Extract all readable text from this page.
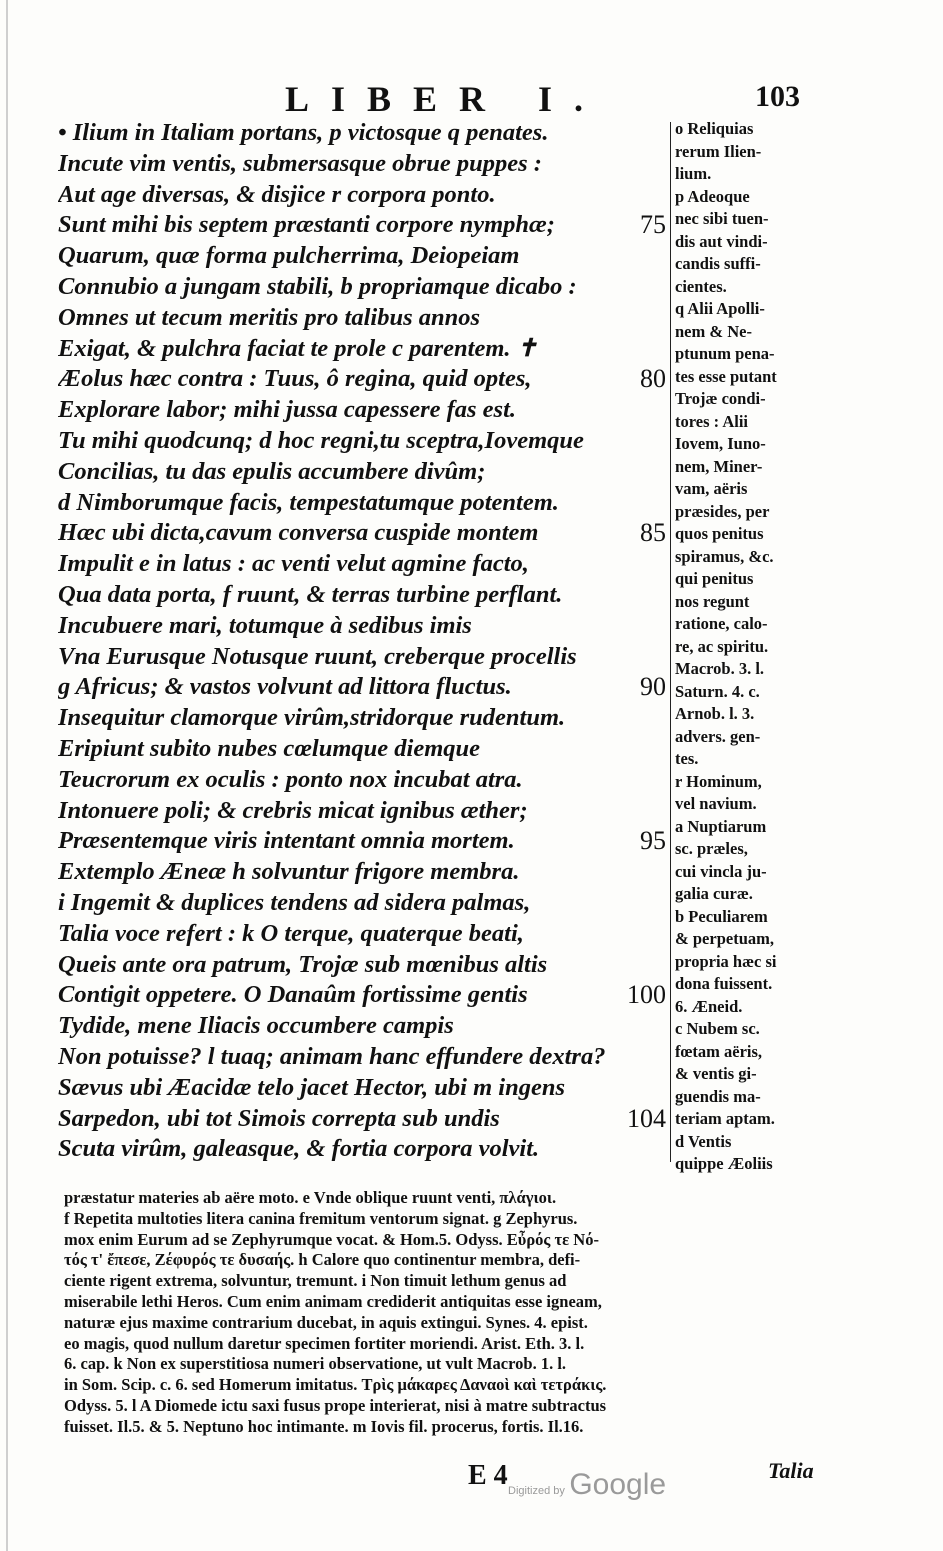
LIBER I.	103
• Ilium in Italiam portans, p victosque q penates.
Incute vim ventis, submersasque obrue puppes :
Aut age diversas, & disjice r corpora ponto.
Sunt mihi bis septem præstanti corpore nymphæ;	75
Quarum, quæ forma pulcherrima, Deiopeiam
Connubio a jungam stabili, b propriamque dicabo :
Omnes ut tecum meritis pro talibus annos
Exigat, & pulchra faciat te prole c parentem. ✝
Æolus hæc contra : Tuus, ô regina, quid optes,	80
Explorare labor; mihi jussa capessere fas est.
Tu mihi quodcunq; d hoc regni,tu sceptra,Iovemque
Concilias, tu das epulis accumbere divûm;
d Nimborumque facis, tempestatumque potentem.
Hæc ubi dicta,cavum conversa cuspide montem	85
Impulit e in latus : ac venti velut agmine facto,
Qua data porta, f ruunt, & terras turbine perflant.
Incubuere mari, totumque à sedibus imis
Vna Eurusque Notusque ruunt, creberque procellis
g Africus; & vastos volvunt ad littora fluctus.	90
Insequitur clamorque virûm,stridorque rudentum.
Eripiunt subito nubes cœlumque diemque
Teucrorum ex oculis : ponto nox incubat atra.
Intonuere poli; & crebris micat ignibus æther;
Præsentemque viris intentant omnia mortem.	95
Extemplo Æneæ h solvuntur frigore membra.
i Ingemit & duplices tendens ad sidera palmas,
Talia voce refert : k O terque, quaterque beati,
Queis ante ora patrum, Trojæ sub mœnibus altis
Contigit oppetere. O Danaûm fortissime gentis	100
Tydide, mene Iliacis occumbere campis
Non potuisse? l tuaq; animam hanc effundere dextra?
Sævus ubi Æacidæ telo jacet Hector, ubi m ingens
Sarpedon, ubi tot Simois correpta sub undis	104
Scuta virûm, galeasque, & fortia corpora volvit.
o Reliquias
rerum Ilien-
lium.
p Adeoque
nec sibi tuen-
dis aut vindi-
candis suffi-
cientes.
q Alii Apolli-
nem & Ne-
ptunum pena-
tes esse putant
Trojæ condi-
tores : Alii
Iovem, Iuno-
nem, Miner-
vam, aëris
præsides, per
quos penitus
spiramus, &c.
qui penitus
nos regunt
ratione, calo-
re, ac spiritu.
Macrob. 3. l.
Saturn. 4. c.
Arnob. l. 3.
advers. gen-
tes.
r Hominum,
vel navium.
a Nuptiarum
sc. præles,
cui vincla ju-
galia curæ.
b Peculiarem
& perpetuam,
propria hæc si
dona fuissent.
6. Æneid.
c Nubem sc.
fœtam aëris,
& ventis gi-
guendis ma-
teriam aptam.
d Ventis
quippe Æoliis
præstatur materies ab aëre moto. e Vnde oblique ruunt venti, πλάγιοι.
f Repetita multoties litera canina fremitum ventorum signat. g Zephyrus.
mox enim Eurum ad se Zephyrumque vocat. & Hom.5. Odyss. Εὖρός τε Νό-
τός τ' ἔπεσε, Ζέφυρός τε δυσαής. h Calore quo continentur membra, defi-
ciente rigent extrema, solvuntur, tremunt. i Non timuit lethum genus ad
miserabile lethi Heros. Cum enim animam crediderit antiquitas esse igneam,
naturæ ejus maxime contrarium ducebat, in aquis extingui. Synes. 4. epist.
eo magis, quod nullum daretur specimen fortiter moriendi. Arist. Eth. 3. l.
6. cap. k Non ex superstitiosa numeri observatione, ut vult Macrob. 1. l.
in Som. Scip. c. 6. sed Homerum imitatus. Τρὶς μάκαρες Δαναοὶ καὶ τετράκις.
Odyss. 5. l A Diomede ictu saxi fusus prope interierat, nisi à matre subtractus
fuisset. Il.5. & 5. Neptuno hoc intimante. m Iovis fil. procerus, fortis. Il.16.
E 4 Digitized by Google	Talia
